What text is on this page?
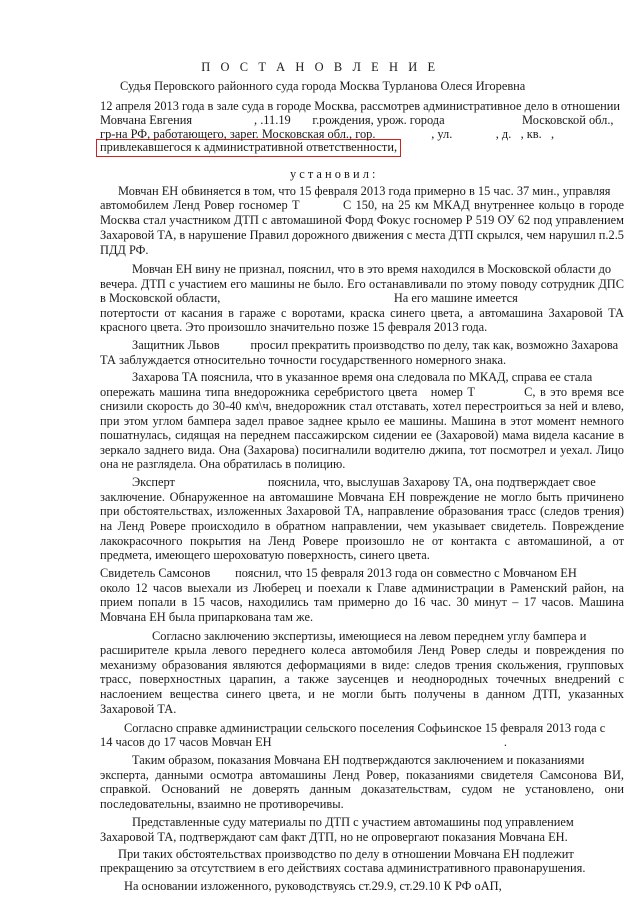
П О С Т А Н О В Л Е Н И Е
Судья Перовского районного суда города Москва Турланова Олеся Игоревна
12 апреля 2013 года в зале суда в городе Москва, рассмотрев административное дело в отношении
Мовчана Евгения                    , .11.19       г.рождения, урож. города                         Московской обл.,
гр-на РФ, работающего, зарег. Московская обл., гор.                  , ул.              , д.   , кв.   ,
привлекавшегося к административной ответственности,
у с т а н о в и л :
Мовчан ЕН обвиняется в том, что 15 февраля 2013 года примерно в 15 час. 37 мин., управляя
автомобилем Ленд Ровер госномер Т          С 150, на 25 км МКАД внутреннее кольцо в городе
Москва стал участником ДТП с автомашиной Форд Фокус госномер Р 519 ОУ 62 под управлением
Захаровой ТА, в нарушение Правил дорожного движения с места ДТП скрылся, чем нарушил п.2.5
ПДД РФ.
Мовчан ЕН вину не признал, пояснил, что в это время находился в Московской области до
вечера. ДТП с участием его машины не было. Его останавливали по этому поводу сотрудник ДПС
в Московской области,                                                        На его машине имеется
потертости от касания в гараже с воротами, краска синего цвета, а автомашина Захаровой ТА
красного цвета. Это произошло значительно позже 15 февраля 2013 года.
Защитник Львов          просил прекратить производство по делу, так как, возможно Захарова
ТА заблуждается относительно точности государственного номерного знака.
Захарова ТА пояснила, что в указанное время она следовала по МКАД, справа ее стала
опережать машина типа внедорожника серебристого цвета   номер Т           С, в это время все
снизили скорость до 30-40 км\ч, внедорожник стал отставать, хотел перестроиться за ней и влево,
при этом углом бампера задел правое заднее крыло ее машины. Машина в этот момент немного
пошатнулась, сидящая на переднем пассажирском сидении ее (Захаровой) мама видела касание в
зеркало заднего вида. Она (Захарова) посигналили водителю джипа, тот посмотрел и уехал. Лицо
она не разглядела. Она обратилась в полицию.
Эксперт                              пояснила, что, выслушав Захарову ТА, она подтверждает свое
заключение. Обнаруженное на автомашине Мовчана ЕН повреждение не могло быть причинено
при обстоятельствах, изложенных Захаровой ТА, направление образования трасс (следов трения)
на Ленд Ровере происходило в обратном направлении, чем указывает свидетель. Повреждение
лакокрасочного покрытия на Ленд Ровере произошло не от контакта с автомашиной, а от
предмета, имеющего шероховатую поверхность, синего цвета.
Свидетель Самсонов        пояснил, что 15 февраля 2013 года он совместно с Мовчаном ЕН
около 12 часов выехали из Люберец и поехали к Главе администрации в Раменский район, на
прием попали в 15 часов, находились там примерно до 16 час. 30 минут – 17 часов. Машина
Мовчана ЕН была припаркована там же.
Согласно заключению экспертизы, имеющиеся на левом переднем углу бампера и
расширителе крыла левого переднего колеса автомобиля Ленд Ровер следы и повреждения по
механизму образования являются деформациями в виде: следов трения скольжения, групповых
трасс, поверхностных царапин, а также заусенцев и неоднородных точечных внедрений с
наслоением вещества синего цвета, и не могли быть получены в данном ДТП, указанных
Захаровой ТА.
Согласно справке администрации сельского поселения Софьинское 15 февраля 2013 года с
14 часов до 17 часов Мовчан ЕН                                                                           .
Таким образом, показания Мовчана ЕН подтверждаются заключением и показаниями
эксперта, данными осмотра автомашины Ленд Ровер, показаниями свидетеля Самсонова ВИ,
справкой. Оснований не доверять данным доказательствам, судом не установлено, они
последовательны, взаимно не противоречивы.
Представленные суду материалы по ДТП с участием автомашины под управлением
Захаровой ТА, подтверждают сам факт ДТП, но не опровергают показания Мовчана ЕН.
При таких обстоятельствах производство по делу в отношении Мовчана ЕН подлежит
прекращению за отсутствием в его действиях состава административного правонарушения.
На основании изложенного, руководствуясь ст.29.9, ст.29.10 К РФ оАП,
